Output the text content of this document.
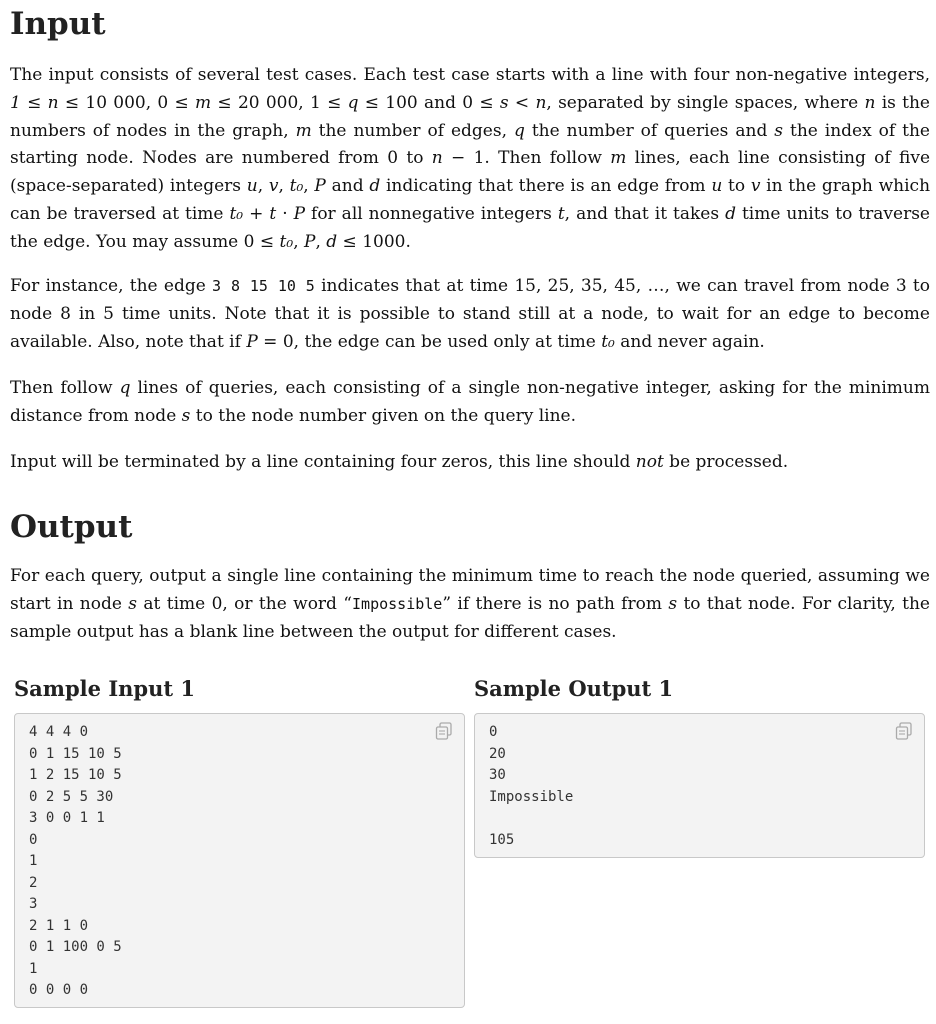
Input

The input consists of several test cases. Each test case starts with a line with four non-negative integers, 1 ≤ n ≤ 10 000, 0 ≤ m ≤ 20 000, 1 ≤ q ≤ 100 and 0 ≤ s < n, separated by single spaces, where n is the numbers of nodes in the graph, m the number of edges, q the number of queries and s the index of the starting node. Nodes are numbered from 0 to n − 1. Then follow m lines, each line consisting of five (space-separated) integers u, v, t₀, P and d indicating that there is an edge from u to v in the graph which can be traversed at time t₀ + t · P for all nonnegative integers t, and that it takes d time units to traverse the edge. You may assume 0 ≤ t₀, P, d ≤ 1000.

For instance, the edge 3 8 15 10 5 indicates that at time 15, 25, 35, 45, …, we can travel from node 3 to node 8 in 5 time units. Note that it is possible to stand still at a node, to wait for an edge to become available. Also, note that if P = 0, the edge can be used only at time t₀ and never again.

Then follow q lines of queries, each consisting of a single non-negative integer, asking for the minimum distance from node s to the node number given on the query line.

Input will be terminated by a line containing four zeros, this line should not be processed.

Output

For each query, output a single line containing the minimum time to reach the node queried, assuming we start in node s at time 0, or the word “Impossible” if there is no path from s to that node. For clarity, the sample output has a blank line between the output for different cases.

Sample Input 1	Sample Output 1
4 4 4 0
0 1 15 10 5
1 2 15 10 5
0 2 5 5 30
3 0 0 1 1
0
1
2
3
2 1 1 0
0 1 100 0 5
1
0 0 0 0
0
20
30
Impossible

105
